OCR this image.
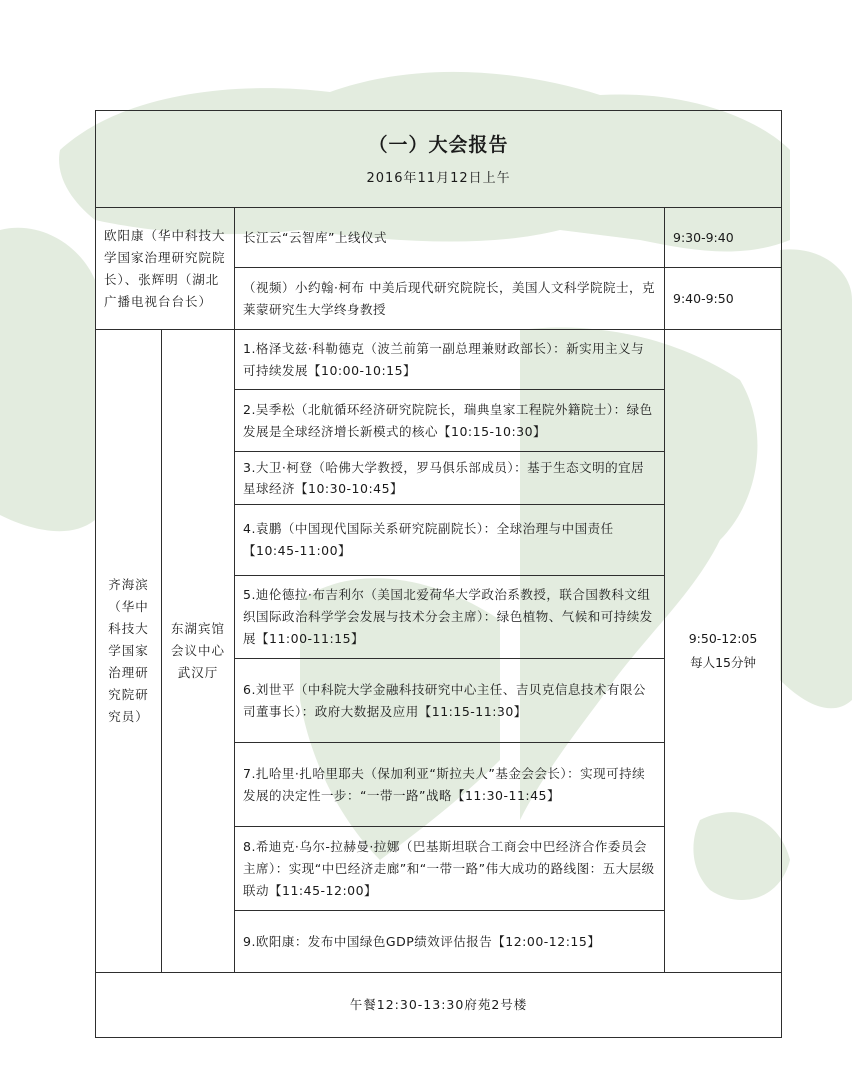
（一）大会报告
2016年11月12日上午			

欧阳康（华中科技大学国家治理研究院院长）、张辉明（湖北广播电视台台长）		长江云“云智库”上线仪式	9:30-9:40
		（视频）小约翰·柯布 中美后现代研究院院长，美国人文科学院院士，克莱蒙研究生大学终身教授	9:40-9:50
齐海滨（华中科技大学国家治理研究院研究员）	东湖宾馆会议中心武汉厅	1.格泽戈兹·科勒德克（波兰前第一副总理兼财政部长）：新实用主义与可持续发展【10:00-10:15】	9:50-12:05
每人15分钟

		2.吴季松（北航循环经济研究院院长，瑞典皇家工程院外籍院士）：绿色发展是全球经济增长新模式的核心【10:15-10:30】	
		3.大卫·柯登（哈佛大学教授，罗马俱乐部成员）：基于生态文明的宜居星球经济【10:30-10:45】	
		4.袁鹏（中国现代国际关系研究院副院长）：全球治理与中国责任【10:45-11:00】	
		5.迪伦德拉·布吉利尔（美国北爱荷华大学政治系教授，联合国教科文组织国际政治科学学会发展与技术分会主席）：绿色植物、气候和可持续发展【11:00-11:15】	
		6.刘世平（中科院大学金融科技研究中心主任、吉贝克信息技术有限公司董事长）：政府大数据及应用【11:15-11:30】	
		7.扎哈里·扎哈里耶夫（保加利亚“斯拉夫人”基金会会长）：实现可持续发展的决定性一步：“一带一路”战略【11:30-11:45】	
		8.希迪克·乌尔-拉赫曼·拉娜（巴基斯坦联合工商会中巴经济合作委员会主席）：实现“中巴经济走廊”和“一带一路”伟大成功的路线图：五大层级联动【11:45-12:00】	
		9.欧阳康：发布中国绿色GDP绩效评估报告【12:00-12:15】	
午餐12:30-13:30府苑2号楼			
